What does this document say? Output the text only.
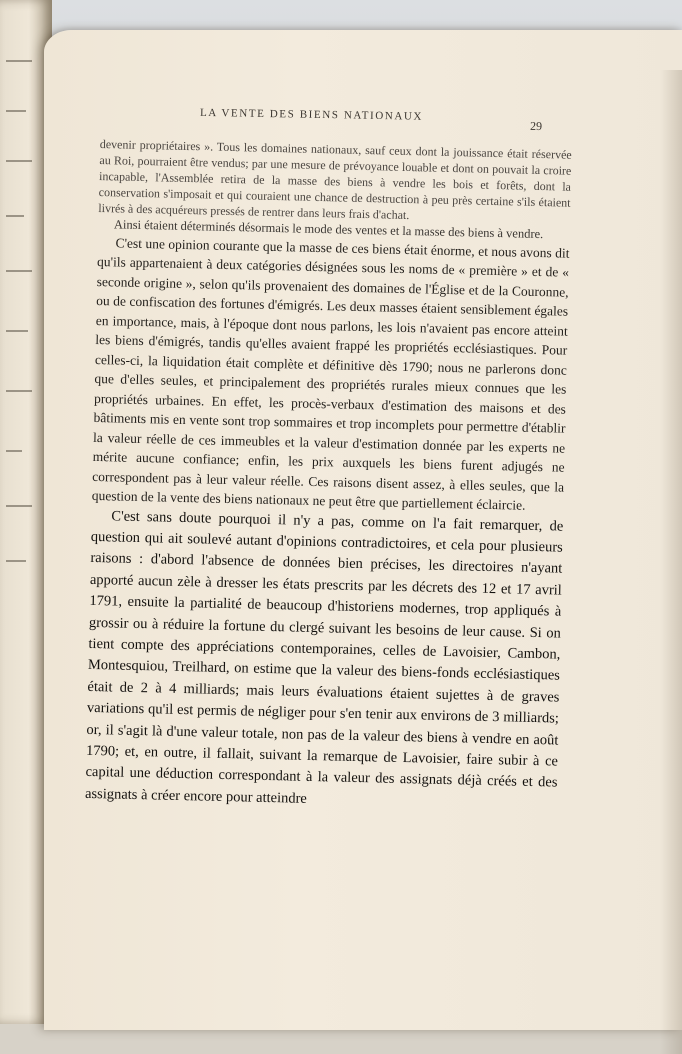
LA VENTE DES BIENS NATIONAUX
29

devenir propriétaires ». Tous les domaines nationaux, sauf ceux dont la jouissance était réservée au Roi, pourraient être vendus; par une mesure de prévoyance louable et dont on pouvait la croire incapable, l'Assemblée retira de la masse des biens à vendre les bois et forêts, dont la conservation s'imposait et qui couraient une chance de destruction à peu près certaine s'ils étaient livrés à des acquéreurs pressés de rentrer dans leurs frais d'achat.

Ainsi étaient déterminés désormais le mode des ventes et la masse des biens à vendre.

C'est une opinion courante que la masse de ces biens était énorme, et nous avons dit qu'ils appartenaient à deux catégories désignées sous les noms de « première » et de « seconde origine », selon qu'ils provenaient des domaines de l'Église et de la Couronne, ou de confiscation des fortunes d'émigrés. Les deux masses étaient sensiblement égales en importance, mais, à l'époque dont nous parlons, les lois n'avaient pas encore atteint les biens d'émigrés, tandis qu'elles avaient frappé les propriétés ecclésiastiques. Pour celles-ci, la liquidation était complète et définitive dès 1790; nous ne parlerons donc que d'elles seules, et principalement des propriétés rurales mieux connues que les propriétés urbaines. En effet, les procès-verbaux d'estimation des maisons et des bâtiments mis en vente sont trop sommaires et trop incomplets pour permettre d'établir la valeur réelle de ces immeubles et la valeur d'estimation donnée par les experts ne mérite aucune confiance; enfin, les prix auxquels les biens furent adjugés ne correspondent pas à leur valeur réelle. Ces raisons disent assez, à elles seules, que la question de la vente des biens nationaux ne peut être que partiellement éclaircie.

C'est sans doute pourquoi il n'y a pas, comme on l'a fait remarquer, de question qui ait soulevé autant d'opinions contradictoires, et cela pour plusieurs raisons : d'abord l'absence de données bien précises, les directoires n'ayant apporté aucun zèle à dresser les états prescrits par les décrets des 12 et 17 avril 1791, ensuite la partialité de beaucoup d'historiens modernes, trop appliqués à grossir ou à réduire la fortune du clergé suivant les besoins de leur cause. Si on tient compte des appréciations contemporaines, celles de Lavoisier, Cambon, Montesquiou, Treilhard, on estime que la valeur des biens-fonds ecclésiastiques était de 2 à 4 milliards; mais leurs évaluations étaient sujettes à de graves variations qu'il est permis de négliger pour s'en tenir aux environs de 3 milliards; or, il s'agit là d'une valeur totale, non pas de la valeur des biens à vendre en août 1790; et, en outre, il fallait, suivant la remarque de Lavoisier, faire subir à ce capital une déduction correspondant à la valeur des assignats déjà créés et des assignats à créer encore pour atteindre
